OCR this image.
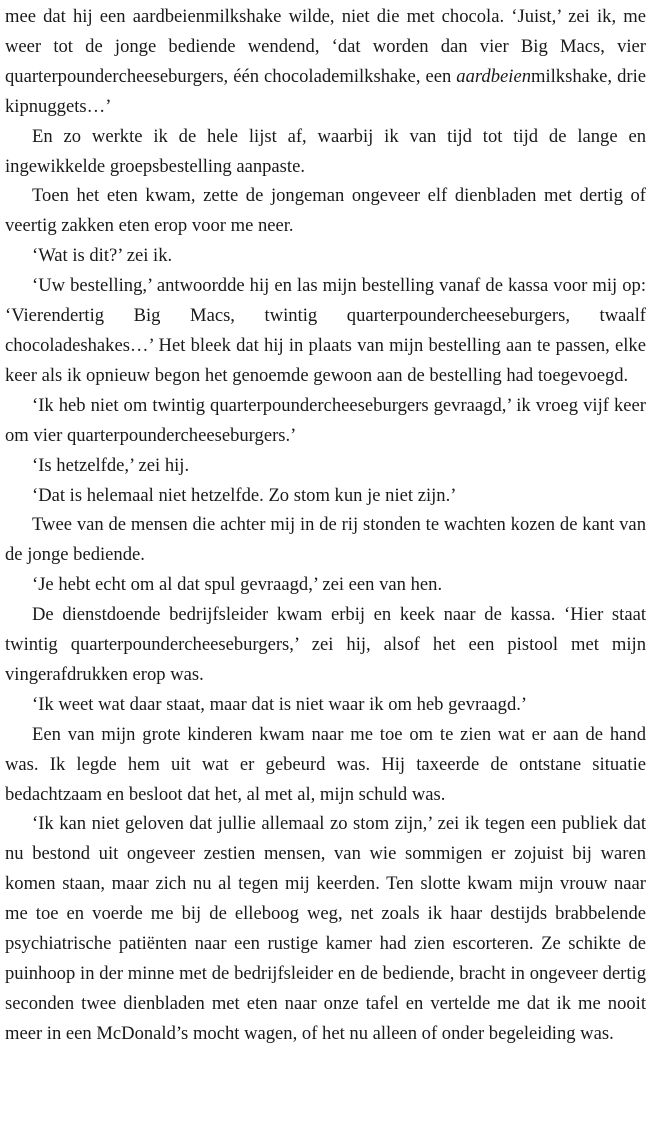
mee dat hij een aardbeienmilkshake wilde, niet die met chocola. ‘Juist,’ zei ik, me weer tot de jonge bediende wendend, ‘dat worden dan vier Big Macs, vier quarterpoundercheeseburgers, één chocolademilkshake, een aardbeienmilkshake, drie kipnuggets…’

En zo werkte ik de hele lijst af, waarbij ik van tijd tot tijd de lange en ingewikkelde groepsbestelling aanpaste.

Toen het eten kwam, zette de jongeman ongeveer elf dienbladen met dertig of veertig zakken eten erop voor me neer.

‘Wat is dit?’ zei ik.

‘Uw bestelling,’ antwoordde hij en las mijn bestelling vanaf de kassa voor mij op: ‘Vierendertig Big Macs, twintig quarterpoundercheeseburgers, twaalf chocoladeshakes…’ Het bleek dat hij in plaats van mijn bestelling aan te passen, elke keer als ik opnieuw begon het genoemde gewoon aan de bestelling had toegevoegd.

‘Ik heb niet om twintig quarterpoundercheeseburgers gevraagd,’ ik vroeg vijf keer om vier quarterpoundercheeseburgers.’

‘Is hetzelfde,’ zei hij.

‘Dat is helemaal niet hetzelfde. Zo stom kun je niet zijn.’

Twee van de mensen die achter mij in de rij stonden te wachten kozen de kant van de jonge bediende.

‘Je hebt echt om al dat spul gevraagd,’ zei een van hen.

De dienstdoende bedrijfsleider kwam erbij en keek naar de kassa. ‘Hier staat twintig quarterpoundercheeseburgers,’ zei hij, alsof het een pistool met mijn vingerafdrukken erop was.

‘Ik weet wat daar staat, maar dat is niet waar ik om heb gevraagd.’

Een van mijn grote kinderen kwam naar me toe om te zien wat er aan de hand was. Ik legde hem uit wat er gebeurd was. Hij taxeerde de ontstane situatie bedachtzaam en besloot dat het, al met al, mijn schuld was.

‘Ik kan niet geloven dat jullie allemaal zo stom zijn,’ zei ik tegen een publiek dat nu bestond uit ongeveer zestien mensen, van wie sommigen er zojuist bij waren komen staan, maar zich nu al tegen mij keerden. Ten slotte kwam mijn vrouw naar me toe en voerde me bij de elleboog weg, net zoals ik haar destijds brabbelende psychiatrische patiënten naar een rustige kamer had zien escorteren. Ze schikte de puinhoop in der minne met de bedrijfsleider en de bediende, bracht in ongeveer dertig seconden twee dienbladen met eten naar onze tafel en vertelde me dat ik me nooit meer in een McDonald’s mocht wagen, of het nu alleen of onder begeleiding was.
